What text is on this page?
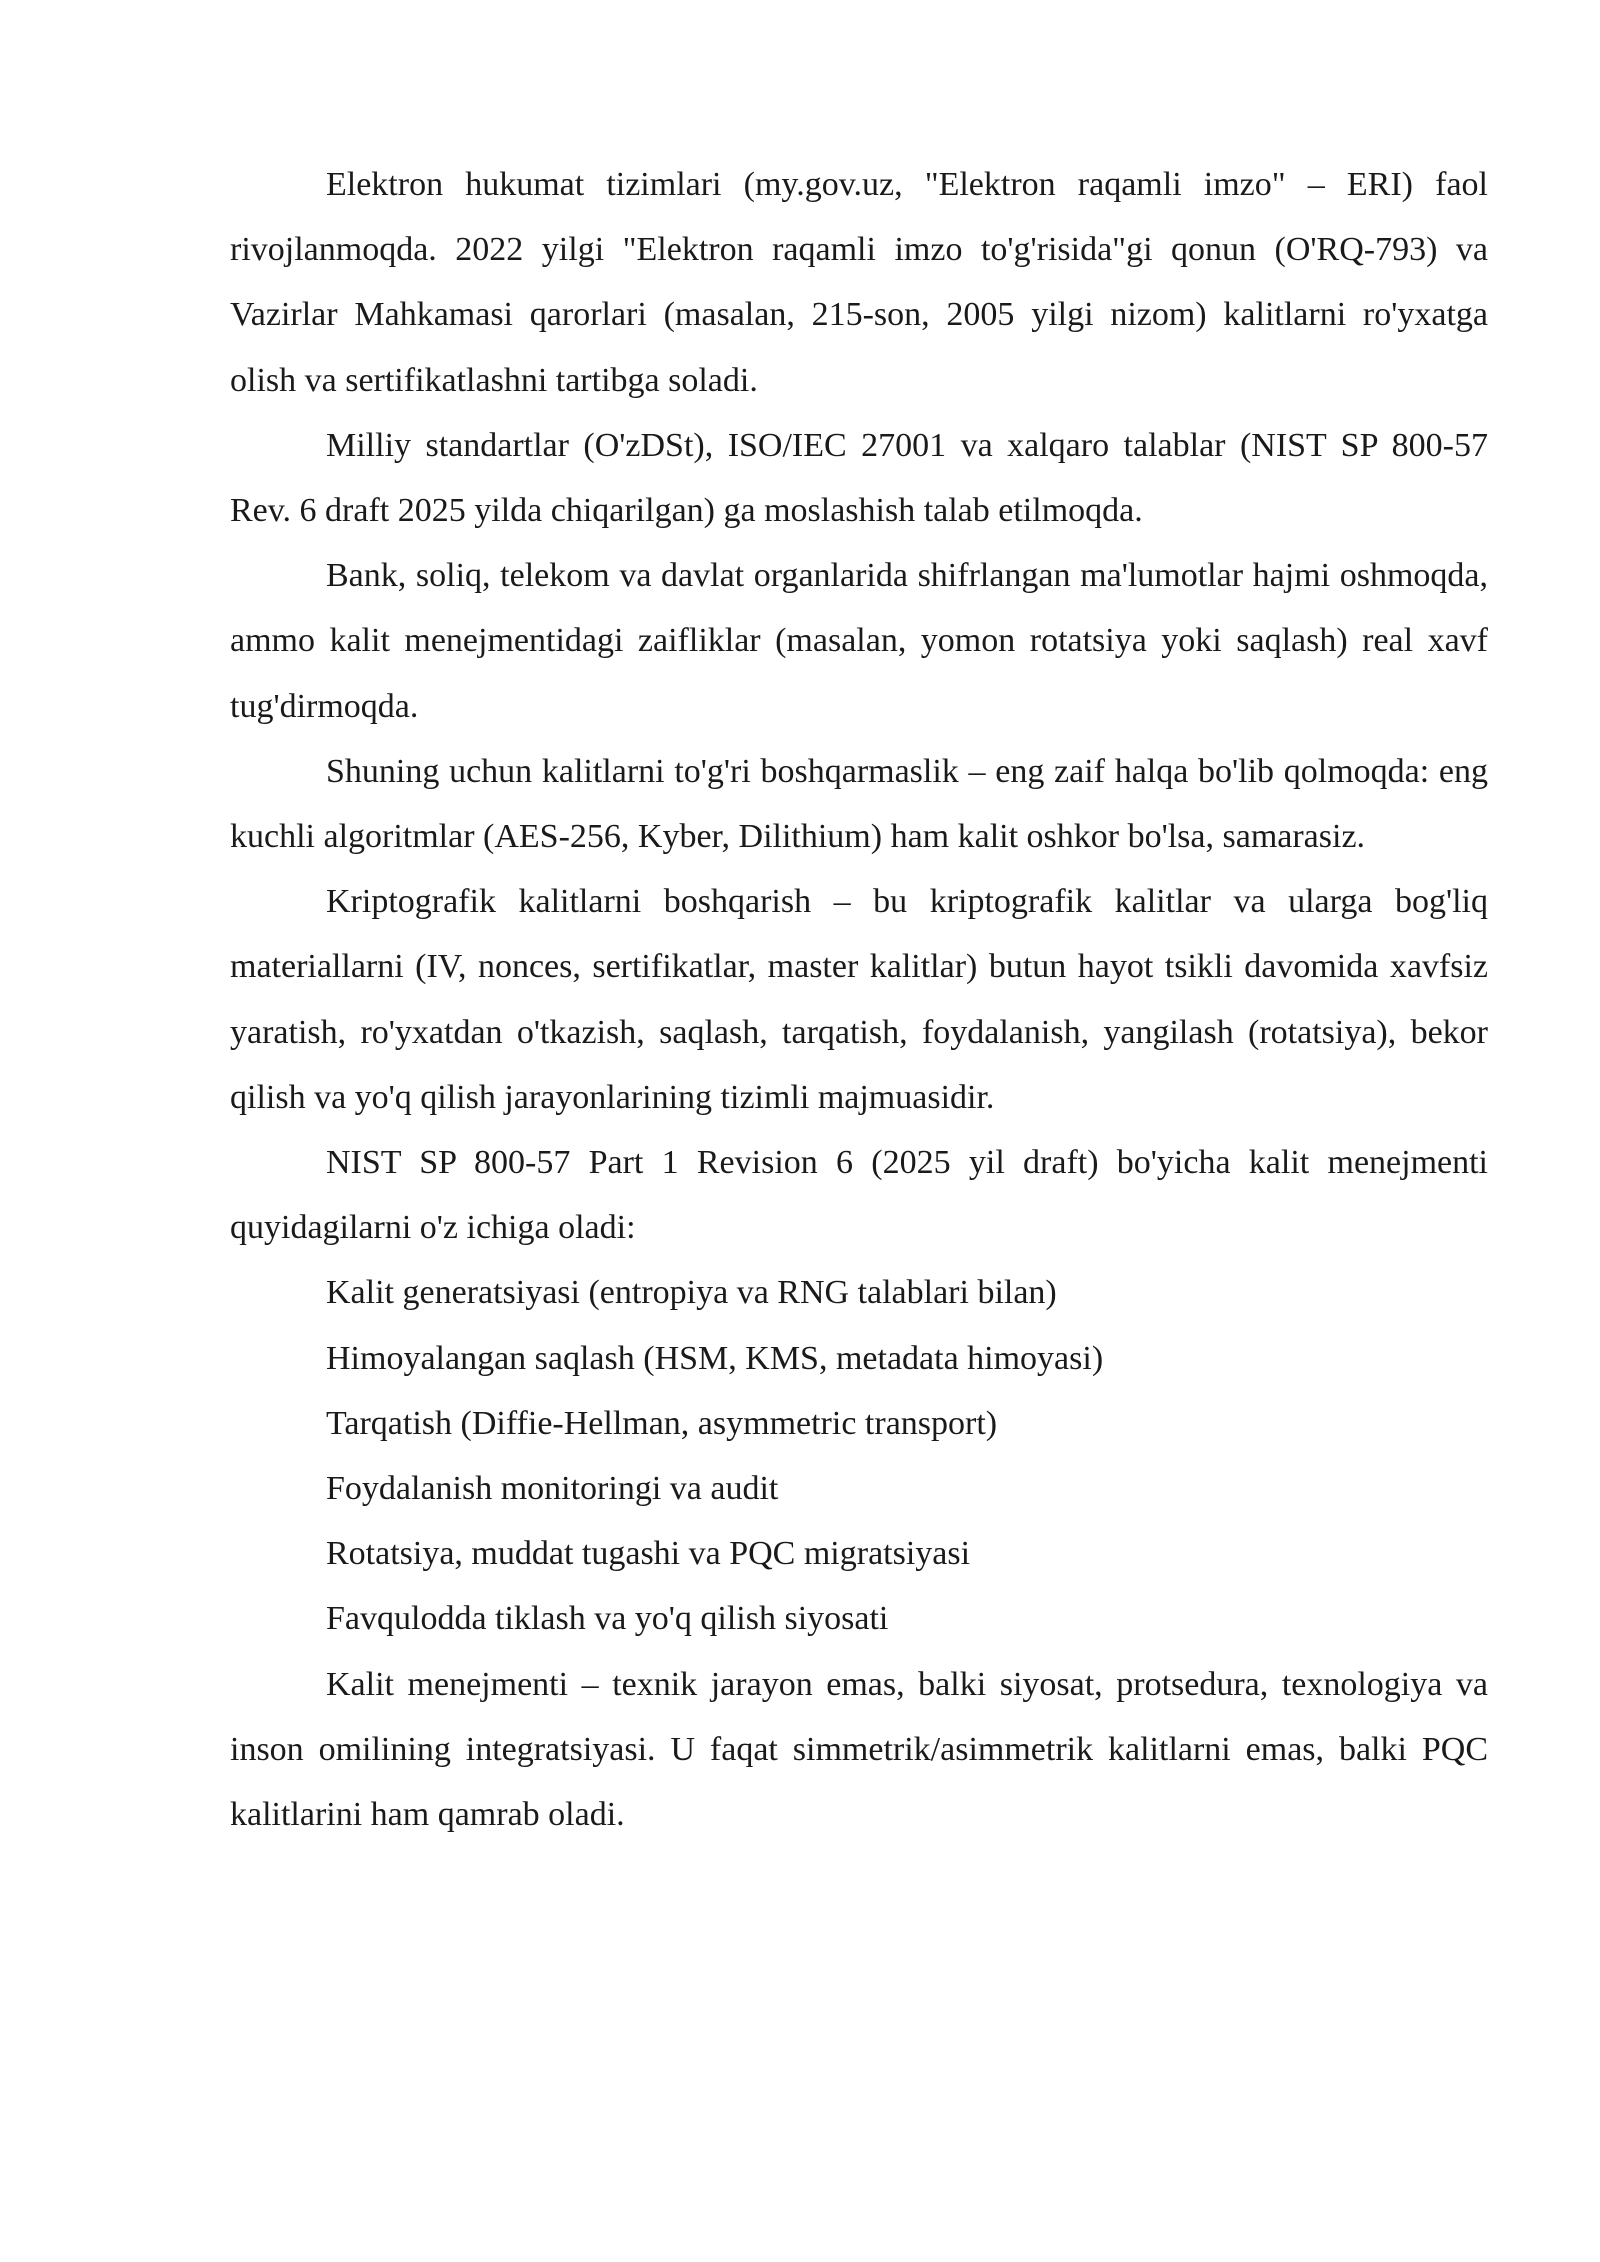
Elektron hukumat tizimlari (my.gov.uz, "Elektron raqamli imzo" – ERI) faol rivojlanmoqda. 2022 yilgi "Elektron raqamli imzo to'g'risida"gi qonun (O'RQ-793) va Vazirlar Mahkamasi qarorlari (masalan, 215-son, 2005 yilgi nizom) kalitlarni ro'yxatga olish va sertifikatlashni tartibga soladi.

Milliy standartlar (O'zDSt), ISO/IEC 27001 va xalqaro talablar (NIST SP 800-57 Rev. 6 draft 2025 yilda chiqarilgan) ga moslashish talab etilmoqda.

Bank, soliq, telekom va davlat organlarida shifrlangan ma'lumotlar hajmi oshmoqda, ammo kalit menejmentidagi zaifliklar (masalan, yomon rotatsiya yoki saqlash) real xavf tug'dirmoqda.

Shuning uchun kalitlarni to'g'ri boshqarmaslik – eng zaif halqa bo'lib qolmoqda: eng kuchli algoritmlar (AES-256, Kyber, Dilithium) ham kalit oshkor bo'lsa, samarasiz.

Kriptografik kalitlarni boshqarish – bu kriptografik kalitlar va ularga bog'liq materiallarni (IV, nonces, sertifikatlar, master kalitlar) butun hayot tsikli davomida xavfsiz yaratish, ro'yxatdan o'tkazish, saqlash, tarqatish, foydalanish, yangilash (rotatsiya), bekor qilish va yo'q qilish jarayonlarining tizimli majmuasidir.

NIST SP 800-57 Part 1 Revision 6 (2025 yil draft) bo'yicha kalit menejmenti quyidagilarni o'z ichiga oladi:

Kalit generatsiyasi (entropiya va RNG talablari bilan)

Himoyalangan saqlash (HSM, KMS, metadata himoyasi)

Tarqatish (Diffie-Hellman, asymmetric transport)

Foydalanish monitoringi va audit

Rotatsiya, muddat tugashi va PQC migratsiyasi

Favqulodda tiklash va yo'q qilish siyosati

Kalit menejmenti – texnik jarayon emas, balki siyosat, protsedura, texnologiya va inson omilining integratsiyasi. U faqat simmetrik/asimmetrik kalitlarni emas, balki PQC kalitlarini ham qamrab oladi.
